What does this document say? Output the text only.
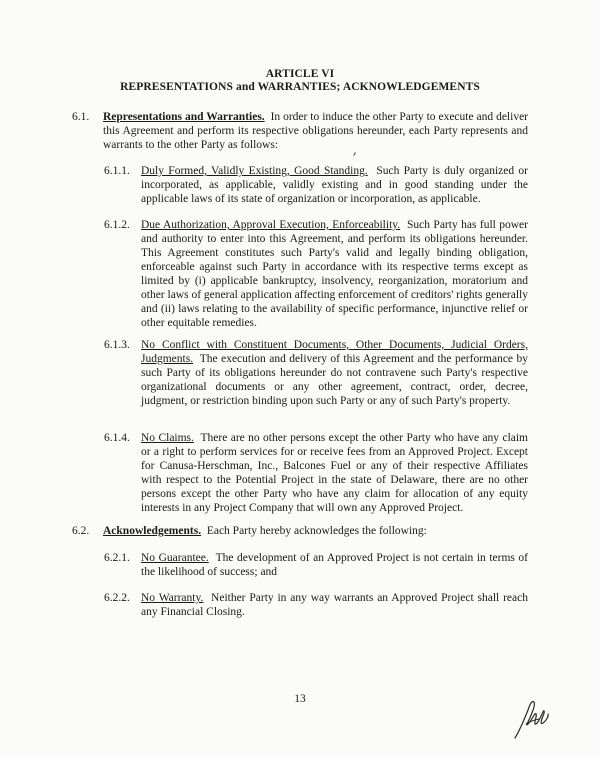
ARTICLE VI
REPRESENTATIONS and WARRANTIES; ACKNOWLEDGEMENTS
6.1. Representations and Warranties. In order to induce the other Party to execute and deliver this Agreement and perform its respective obligations hereunder, each Party represents and warrants to the other Party as follows:
6.1.1. Duly Formed, Validly Existing, Good Standing. Such Party is duly organized or incorporated, as applicable, validly existing and in good standing under the applicable laws of its state of organization or incorporation, as applicable.
6.1.2. Due Authorization, Approval Execution, Enforceability. Such Party has full power and authority to enter into this Agreement, and perform its obligations hereunder. This Agreement constitutes such Party's valid and legally binding obligation, enforceable against such Party in accordance with its respective terms except as limited by (i) applicable bankruptcy, insolvency, reorganization, moratorium and other laws of general application affecting enforcement of creditors' rights generally and (ii) laws relating to the availability of specific performance, injunctive relief or other equitable remedies.
6.1.3. No Conflict with Constituent Documents, Other Documents, Judicial Orders, Judgments. The execution and delivery of this Agreement and the performance by such Party of its obligations hereunder do not contravene such Party's respective organizational documents or any other agreement, contract, order, decree, judgment, or restriction binding upon such Party or any of such Party's property.
6.1.4. No Claims. There are no other persons except the other Party who have any claim or a right to perform services for or receive fees from an Approved Project. Except for Canusa-Herschman, Inc., Balcones Fuel or any of their respective Affiliates with respect to the Potential Project in the state of Delaware, there are no other persons except the other Party who have any claim for allocation of any equity interests in any Project Company that will own any Approved Project.
6.2. Acknowledgements. Each Party hereby acknowledges the following:
6.2.1. No Guarantee. The development of an Approved Project is not certain in terms of the likelihood of success; and
6.2.2. No Warranty. Neither Party in any way warrants an Approved Project shall reach any Financial Closing.
13
